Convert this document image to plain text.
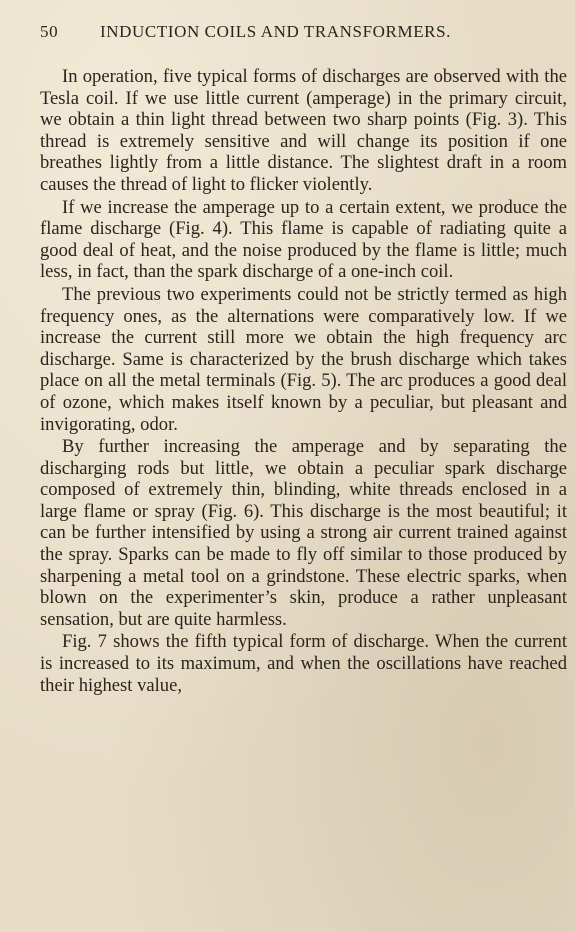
50	INDUCTION COILS AND TRANSFORMERS.

In operation, five typical forms of discharges are observed with the Tesla coil. If we use little current (amperage) in the primary circuit, we obtain a thin light thread between two sharp points (Fig. 3). This thread is extremely sensitive and will change its position if one breathes lightly from a little distance. The slightest draft in a room causes the thread of light to flicker violently.

If we increase the amperage up to a certain extent, we produce the flame discharge (Fig. 4). This flame is capable of radiating quite a good deal of heat, and the noise produced by the flame is little; much less, in fact, than the spark discharge of a one-inch coil.

The previous two experiments could not be strictly termed as high frequency ones, as the alternations were comparatively low. If we increase the current still more we obtain the high frequency arc discharge. Same is characterized by the brush discharge which takes place on all the metal terminals (Fig. 5). The arc produces a good deal of ozone, which makes itself known by a peculiar, but pleasant and invigorating, odor.

By further increasing the amperage and by separating the discharging rods but little, we obtain a peculiar spark discharge composed of extremely thin, blinding, white threads enclosed in a large flame or spray (Fig. 6). This discharge is the most beautiful; it can be further intensified by using a strong air current trained against the spray. Sparks can be made to fly off similar to those produced by sharpening a metal tool on a grindstone. These electric sparks, when blown on the experimenter’s skin, produce a rather unpleasant sensation, but are quite harmless.

Fig. 7 shows the fifth typical form of discharge. When the current is increased to its maximum, and when the oscillations have reached their highest value,
